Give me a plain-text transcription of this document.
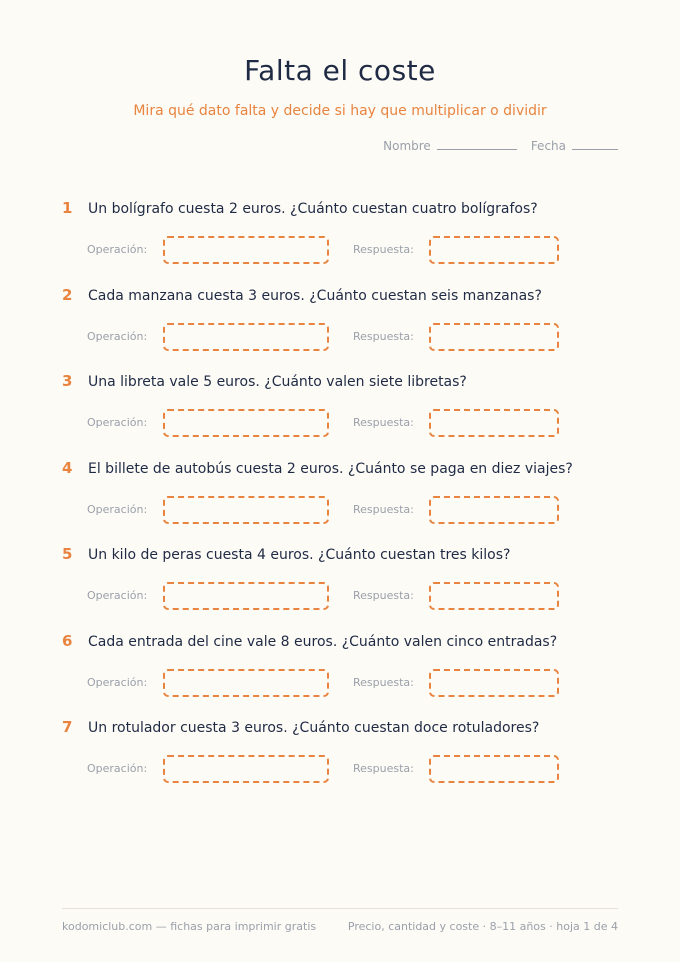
Falta el coste
Mira qué dato falta y decide si hay que multiplicar o dividir
Nombre	Fecha
1 Un bolígrafo cuesta 2 euros. ¿Cuánto cuestan cuatro bolígrafos?
Operación:	Respuesta:
2 Cada manzana cuesta 3 euros. ¿Cuánto cuestan seis manzanas?
Operación:	Respuesta:
3 Una libreta vale 5 euros. ¿Cuánto valen siete libretas?
Operación:	Respuesta:
4 El billete de autobús cuesta 2 euros. ¿Cuánto se paga en diez viajes?
Operación:	Respuesta:
5 Un kilo de peras cuesta 4 euros. ¿Cuánto cuestan tres kilos?
Operación:	Respuesta:
6 Cada entrada del cine vale 8 euros. ¿Cuánto valen cinco entradas?
Operación:	Respuesta:
7 Un rotulador cuesta 3 euros. ¿Cuánto cuestan doce rotuladores?
Operación:	Respuesta:
kodomiclub.com — fichas para imprimir gratis	Precio, cantidad y coste · 8–11 años · hoja 1 de 4
